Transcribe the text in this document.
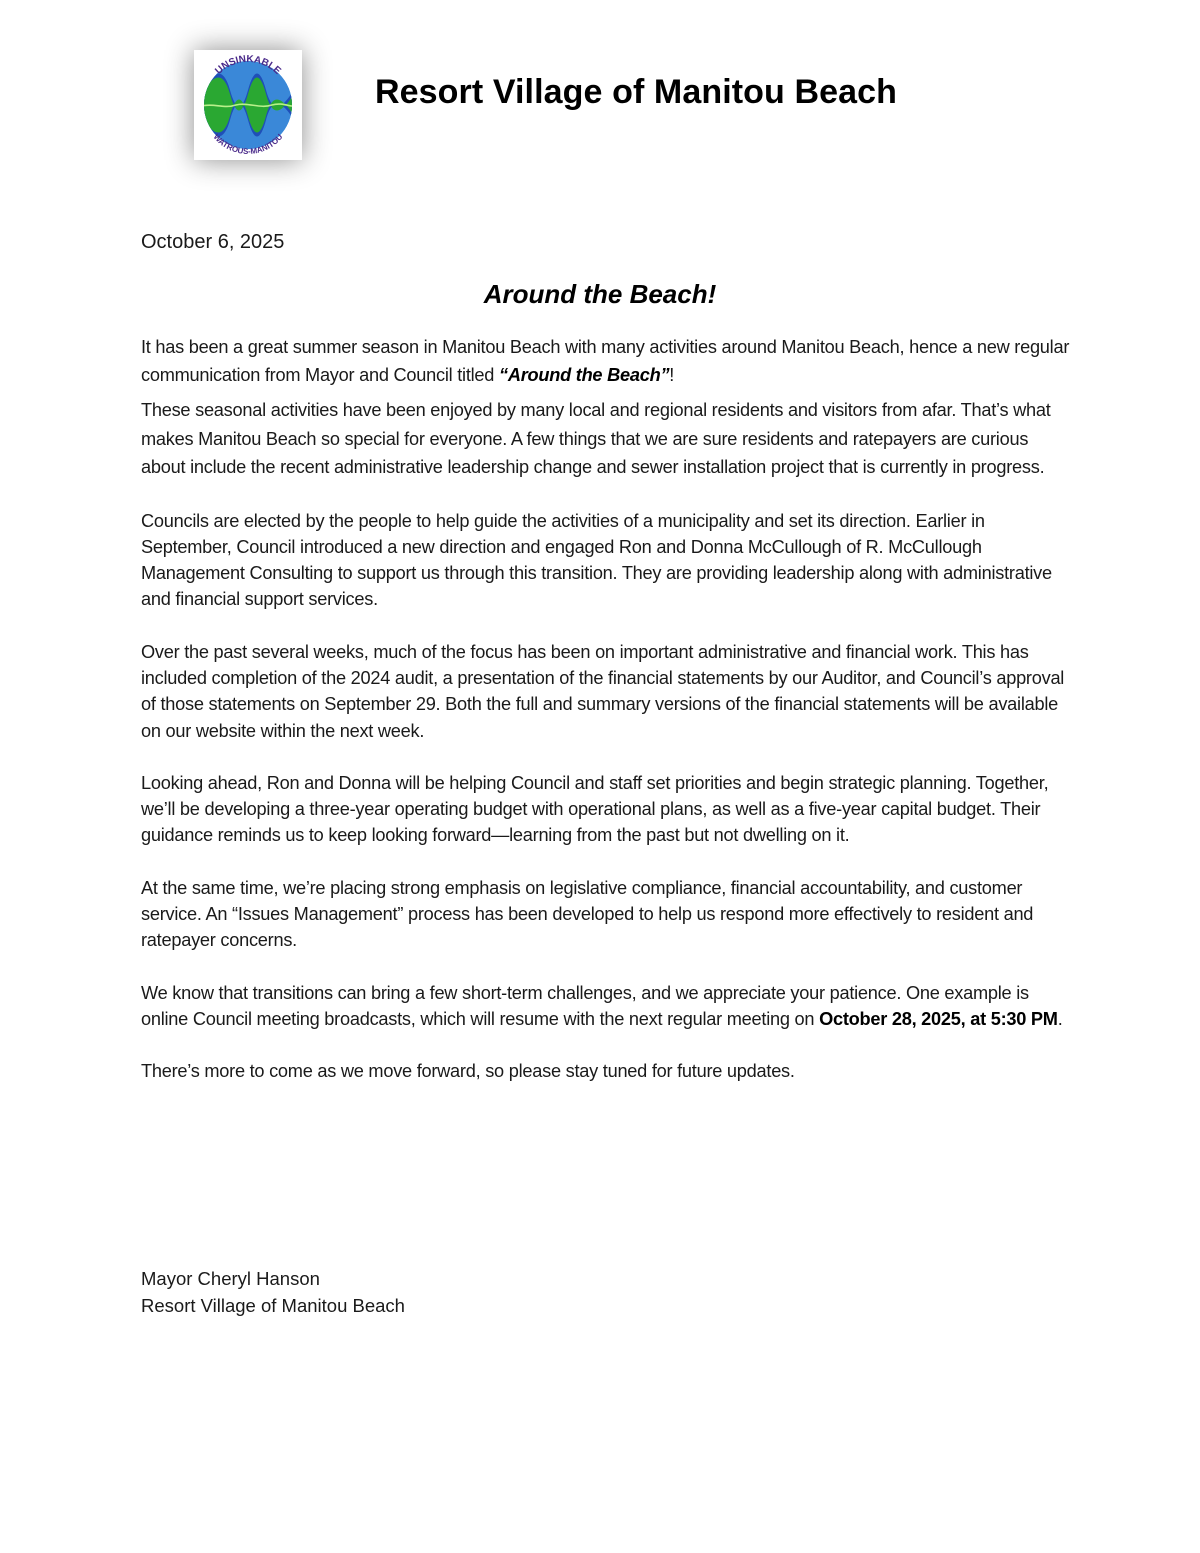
UNSINKABLE
WATROUS-MANITOU
Resort Village of Manitou Beach

October 6, 2025

Around the Beach!

It has been a great summer season in Manitou Beach with many activities around Manitou Beach, hence a new regular communication from Mayor and Council titled “Around the Beach”!

These seasonal activities have been enjoyed by many local and regional residents and visitors from afar. That’s what makes Manitou Beach so special for everyone. A few things that we are sure residents and ratepayers are curious about include the recent administrative leadership change and sewer installation project that is currently in progress.

Councils are elected by the people to help guide the activities of a municipality and set its direction. Earlier in September, Council introduced a new direction and engaged Ron and Donna McCullough of R. McCullough Management Consulting to support us through this transition. They are providing leadership along with administrative and financial support services.

Over the past several weeks, much of the focus has been on important administrative and financial work. This has included completion of the 2024 audit, a presentation of the financial statements by our Auditor, and Council’s approval of those statements on September 29. Both the full and summary versions of the financial statements will be available on our website within the next week.

Looking ahead, Ron and Donna will be helping Council and staff set priorities and begin strategic planning. Together, we’ll be developing a three-year operating budget with operational plans, as well as a five-year capital budget. Their guidance reminds us to keep looking forward—learning from the past but not dwelling on it.

At the same time, we’re placing strong emphasis on legislative compliance, financial accountability, and customer service. An “Issues Management” process has been developed to help us respond more effectively to resident and ratepayer concerns.

We know that transitions can bring a few short-term challenges, and we appreciate your patience. One example is online Council meeting broadcasts, which will resume with the next regular meeting on October 28, 2025, at 5:30 PM.

There’s more to come as we move forward, so please stay tuned for future updates.

Mayor Cheryl Hanson
Resort Village of Manitou Beach
